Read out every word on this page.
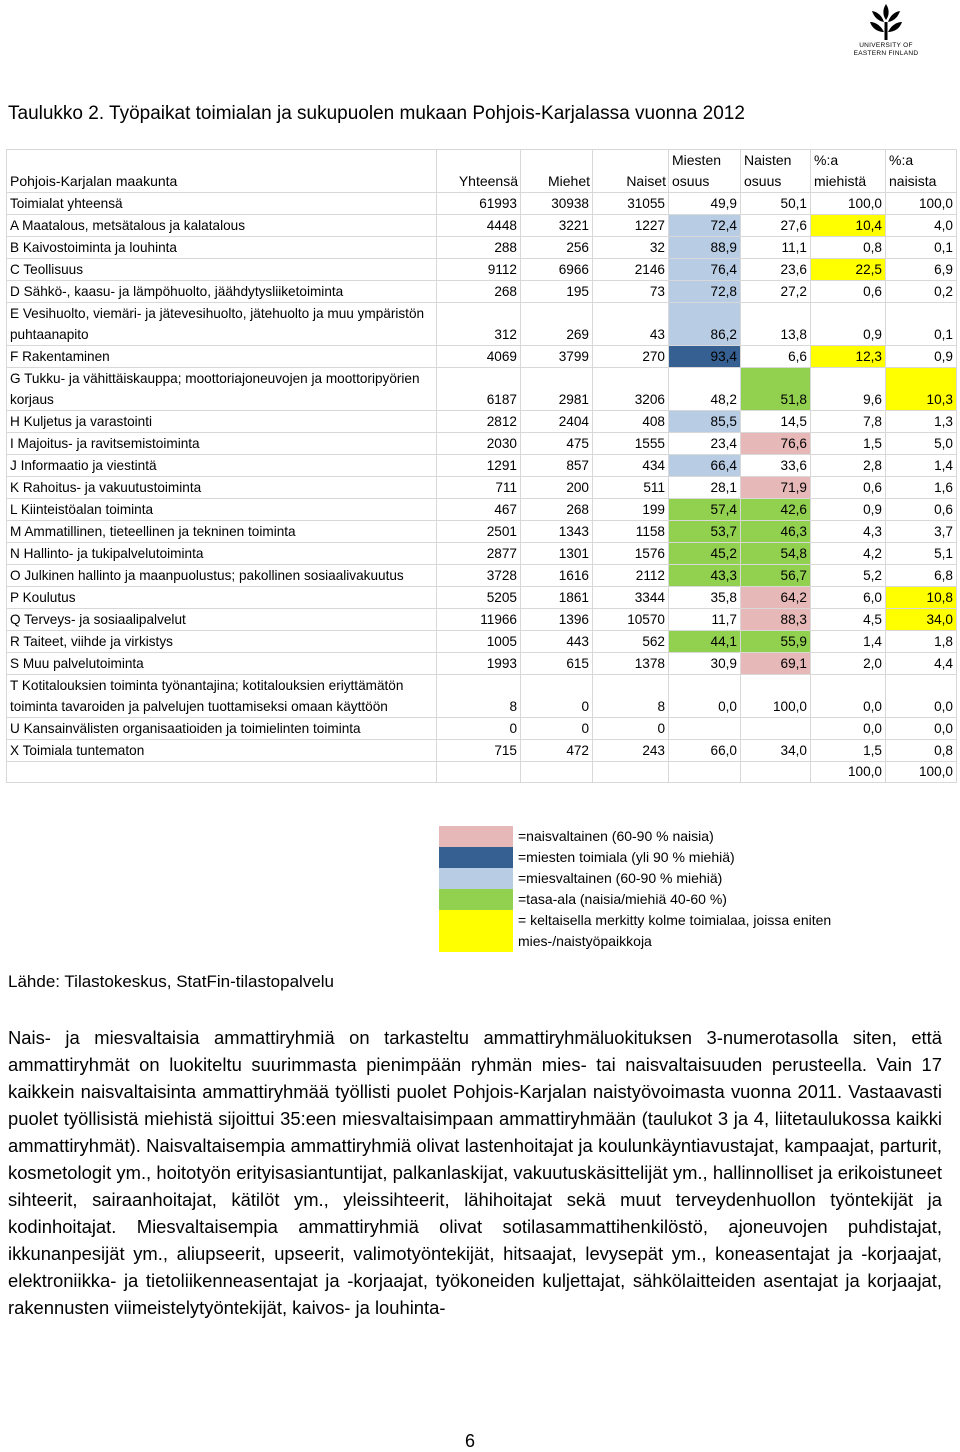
UNIVERSITY OF
EASTERN FINLAND
Taulukko 2. Työpaikat toimialan ja sukupuolen mukaan Pohjois-Karjalassa vuonna 2012
Pohjois-Karjalan maakunta	Yhteensä	Miehet	Naiset	Miesten osuus	Naisten osuus	%:a miehistä	%:a naisista
Toimialat yhteensä	61993	30938	31055	49,9	50,1	100,0	100,0
A Maatalous, metsätalous ja kalatalous	4448	3221	1227	72,4	27,6	10,4	4,0
B Kaivostoiminta ja louhinta	288	256	32	88,9	11,1	0,8	0,1
C Teollisuus	9112	6966	2146	76,4	23,6	22,5	6,9
D Sähkö-, kaasu- ja lämpöhuolto, jäähdytysliiketoiminta	268	195	73	72,8	27,2	0,6	0,2
E Vesihuolto, viemäri- ja jätevesihuolto, jätehuolto ja muu ympäristön puhtaanapito	312	269	43	86,2	13,8	0,9	0,1
F Rakentaminen	4069	3799	270	93,4	6,6	12,3	0,9
G Tukku- ja vähittäiskauppa; moottoriajoneuvojen ja moottoripyörien korjaus	6187	2981	3206	48,2	51,8	9,6	10,3
H Kuljetus ja varastointi	2812	2404	408	85,5	14,5	7,8	1,3
I Majoitus- ja ravitsemistoiminta	2030	475	1555	23,4	76,6	1,5	5,0
J Informaatio ja viestintä	1291	857	434	66,4	33,6	2,8	1,4
K Rahoitus- ja vakuutustoiminta	711	200	511	28,1	71,9	0,6	1,6
L Kiinteistöalan toiminta	467	268	199	57,4	42,6	0,9	0,6
M Ammatillinen, tieteellinen ja tekninen toiminta	2501	1343	1158	53,7	46,3	4,3	3,7
N Hallinto- ja tukipalvelutoiminta	2877	1301	1576	45,2	54,8	4,2	5,1
O Julkinen hallinto ja maanpuolustus; pakollinen sosiaalivakuutus	3728	1616	2112	43,3	56,7	5,2	6,8
P Koulutus	5205	1861	3344	35,8	64,2	6,0	10,8
Q Terveys- ja sosiaalipalvelut	11966	1396	10570	11,7	88,3	4,5	34,0
R Taiteet, viihde ja virkistys	1005	443	562	44,1	55,9	1,4	1,8
S Muu palvelutoiminta	1993	615	1378	30,9	69,1	2,0	4,4
T Kotitalouksien toiminta työnantajina; kotitalouksien eriyttämätön toiminta tavaroiden ja palvelujen tuottamiseksi omaan käyttöön	8	0	8	0,0	100,0	0,0	0,0
U Kansainvälisten organisaatioiden ja toimielinten toiminta	0	0	0			0,0	0,0
X Toimiala tuntematon	715	472	243	66,0	34,0	1,5	0,8
						100,0	100,0
=naisvaltainen (60-90 % naisia)
=miesten toimiala (yli 90 % miehiä)
=miesvaltainen (60-90 % miehiä)
=tasa-ala (naisia/miehiä 40-60 %)
= keltaisella merkitty kolme toimialaa, joissa eniten mies-/naistyöpaikkoja
Lähde: Tilastokeskus, StatFin-tilastopalvelu
Nais- ja miesvaltaisia ammattiryhmiä on tarkasteltu ammattiryhmäluokituksen 3-numerotasolla siten, että ammattiryhmät on luokiteltu suurimmasta pienimpään ryhmän mies- tai naisvaltaisuuden perusteella. Vain 17 kaikkein naisvaltaisinta ammattiryhmää työllisti puolet Pohjois-Karjalan naistyövoimasta vuonna 2011. Vastaavasti puolet työllisistä miehistä sijoittui 35:een miesvaltaisimpaan ammattiryhmään (taulukot 3 ja 4, liitetaulukossa kaikki ammattiryhmät). Naisvaltaisempia ammattiryhmiä olivat lastenhoitajat ja koulunkäyntiavustajat, kampaajat, parturit, kosmetologit ym., hoitotyön erityisasiantuntijat, palkanlaskijat, vakuutuskäsittelijät ym., hallinnolliset ja erikoistuneet sihteerit, sairaanhoitajat, kätilöt ym., yleissihteerit, lähihoitajat sekä muut terveydenhuollon työntekijät ja kodinhoitajat. Miesvaltaisempia ammattiryhmiä olivat sotilasammattihenkilöstö, ajoneuvojen puhdistajat, ikkunanpesijät ym., aliupseerit, upseerit, valimotyöntekijät, hitsaajat, levysepät ym., koneasentajat ja -korjaajat, elektroniikka- ja tietoliikenneasentajat ja -korjaajat, työkoneiden kuljettajat, sähkölaitteiden asentajat ja korjaajat, rakennusten viimeistelytyöntekijät, kaivos- ja louhinta-
6
